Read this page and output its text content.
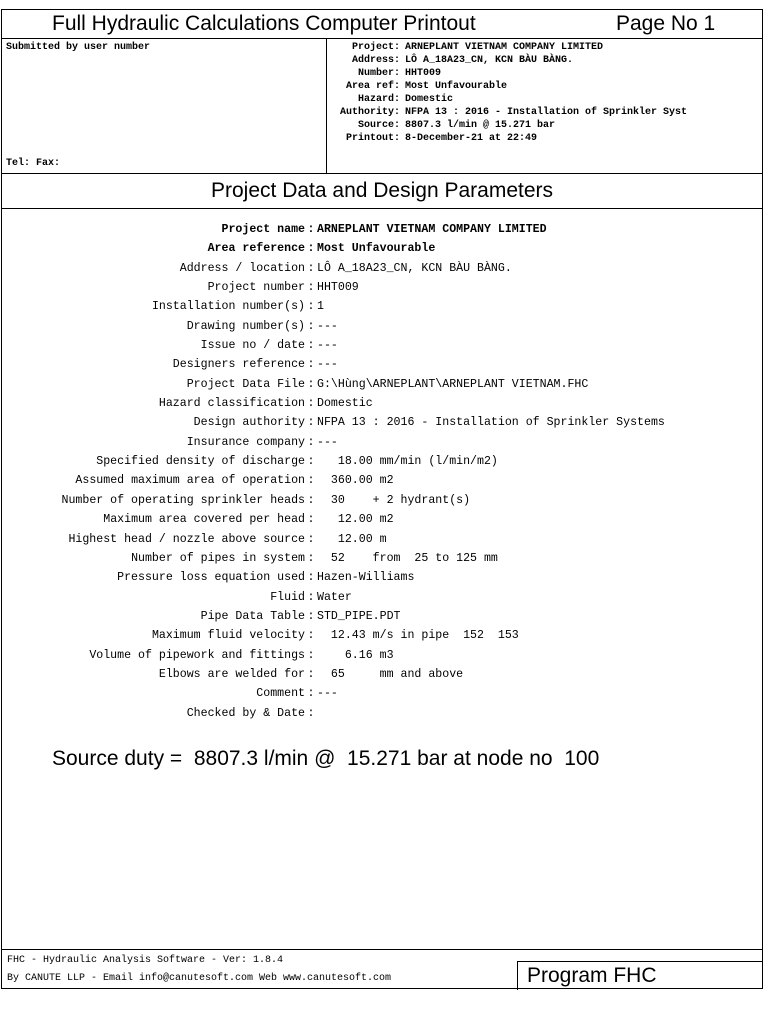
Full Hydraulic Calculations Computer Printout	Page No 1
Submitted by user number
Tel: Fax:
Project: ARNEPLANT VIETNAM COMPANY LIMITED
Address: LÔ A_18A23_CN, KCN BÀU BÀNG.
Number: HHT009
Area ref: Most Unfavourable
Hazard: Domestic
Authority: NFPA 13 : 2016 - Installation of Sprinkler Syst
Source: 8807.3 l/min @ 15.271 bar
Printout: 8-December-21 at 22:49
Project Data and Design Parameters
Project name : ARNEPLANT VIETNAM COMPANY LIMITED
Area reference : Most Unfavourable
Address / location : LÔ A_18A23_CN, KCN BÀU BÀNG.
Project number : HHT009
Installation number(s) : 1
Drawing number(s) : ---
Issue no / date : ---
Designers reference : ---
Project Data File : G:\Hùng\ARNEPLANT\ARNEPLANT VIETNAM.FHC
Hazard classification : Domestic
Design authority : NFPA 13 : 2016 - Installation of Sprinkler Systems
Insurance company : ---
Specified density of discharge : 18.00 mm/min (l/min/m2)
Assumed maximum area of operation : 360.00 m2
Number of operating sprinkler heads : 30    + 2 hydrant(s)
Maximum area covered per head : 12.00 m2
Highest head / nozzle above source : 12.00 m
Number of pipes in system : 52    from  25 to 125 mm
Pressure loss equation used : Hazen-Williams
Fluid : Water
Pipe Data Table : STD_PIPE.PDT
Maximum fluid velocity : 12.43 m/s in pipe  152  153
Volume of pipework and fittings : 6.16 m3
Elbows are welded for : 65     mm and above
Comment : ---
Checked by & Date :
Source duty =  8807.3 l/min @  15.271 bar at node no  100
FHC - Hydraulic Analysis Software - Ver: 1.8.4
By CANUTE LLP - Email info@canutesoft.com Web www.canutesoft.com	Program FHC
